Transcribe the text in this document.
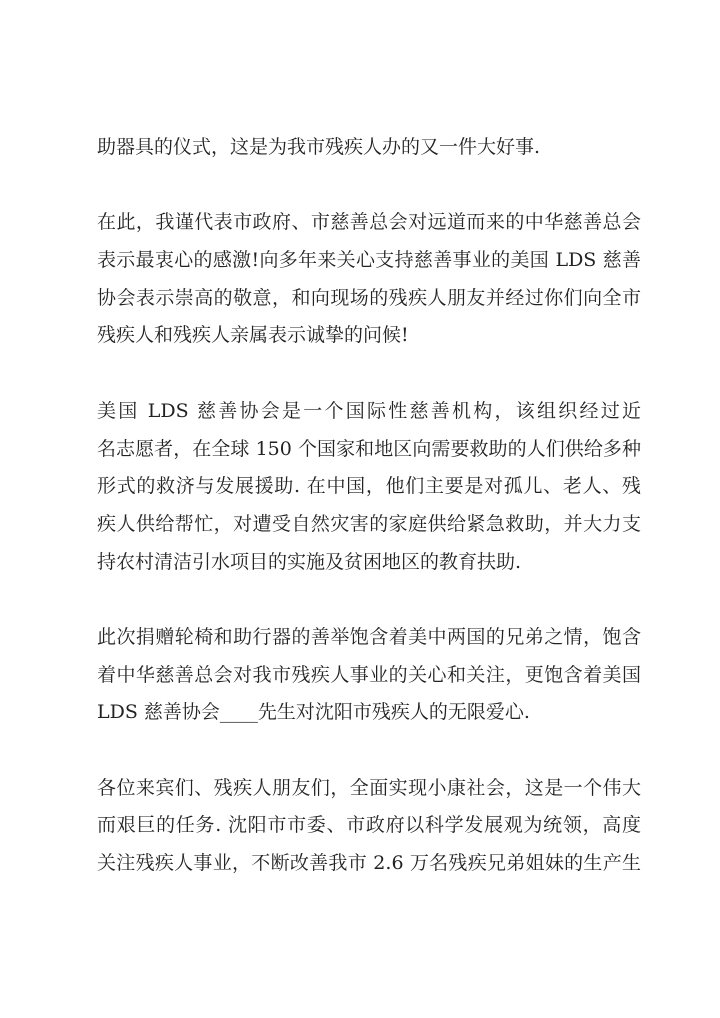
助器具的仪式，这是为我市残疾人办的又一件大好事.
在此，我谨代表市政府、市慈善总会对远道而来的中华慈善总会
表示最衷心的感激!向多年来关心支持慈善事业的美国 LDS 慈善
协会表示崇高的敬意，和向现场的残疾人朋友并经过你们向全市
残疾人和残疾人亲属表示诚挚的问候!
美国 LDS 慈善协会是一个国际性慈善机构，该组织经过近
名志愿者，在全球 150 个国家和地区向需要救助的人们供给多种
形式的救济与发展援助. 在中国，他们主要是对孤儿、老人、残
疾人供给帮忙，对遭受自然灾害的家庭供给紧急救助，并大力支
持农村清洁引水项目的实施及贫困地区的教育扶助.
此次捐赠轮椅和助行器的善举饱含着美中两国的兄弟之情，饱含
着中华慈善总会对我市残疾人事业的关心和关注，更饱含着美国
LDS 慈善协会____先生对沈阳市残疾人的无限爱心.
各位来宾们、残疾人朋友们，全面实现小康社会，这是一个伟大
而艰巨的任务. 沈阳市市委、市政府以科学发展观为统领，高度
关注残疾人事业，不断改善我市 2.6 万名残疾兄弟姐妹的生产生
